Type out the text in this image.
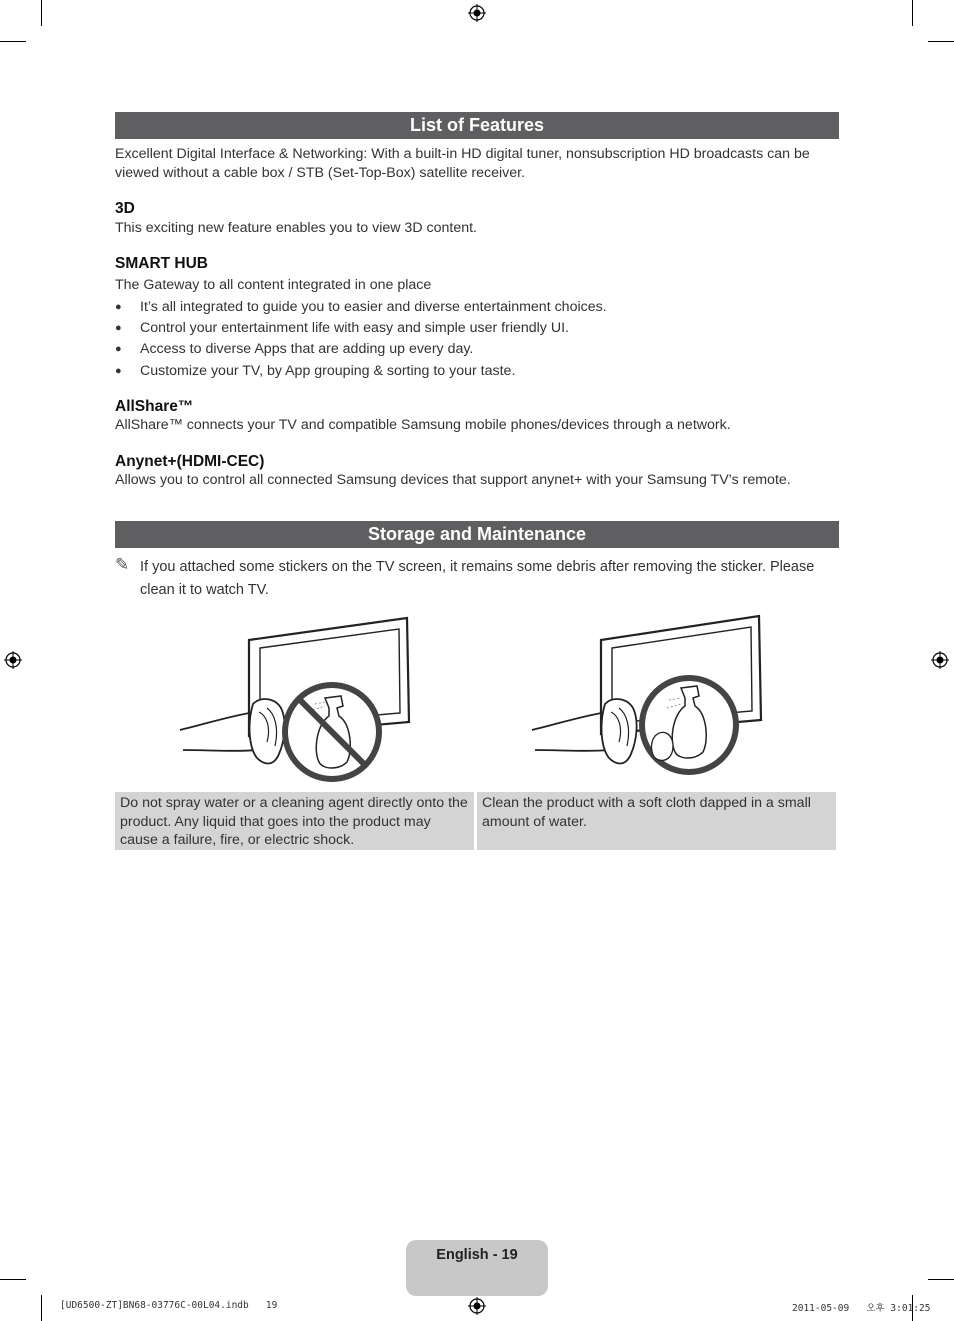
List of Features
Excellent Digital Interface & Networking: With a built-in HD digital tuner, nonsubscription HD broadcasts can be
viewed without a cable box / STB (Set-Top-Box) satellite receiver.
3D
This exciting new feature enables you to view 3D content.
SMART HUB
The Gateway to all content integrated in one place
● It’s all integrated to guide you to easier and diverse entertainment choices.
● Control your entertainment life with easy and simple user friendly UI.
● Access to diverse Apps that are adding up every day.
● Customize your TV, by App grouping & sorting to your taste.
AllShare™
AllShare™ connects your TV and compatible Samsung mobile phones/devices through a network.
Anynet+(HDMI-CEC)
Allows you to control all connected Samsung devices that support anynet+ with your Samsung TV’s remote.
Storage and Maintenance
✎ If you attached some stickers on the TV screen, it remains some debris after removing the sticker. Please
clean it to watch TV.
Do not spray water or a cleaning agent directly onto the product. Any liquid that goes into the product may cause a failure, fire, or electric shock.
Clean the product with a soft cloth dapped in a small amount of water.
English - 19
[UD6500-ZT]BN68-03776C-00L04.indb   19	2011-05-09   오후 3:01:25
